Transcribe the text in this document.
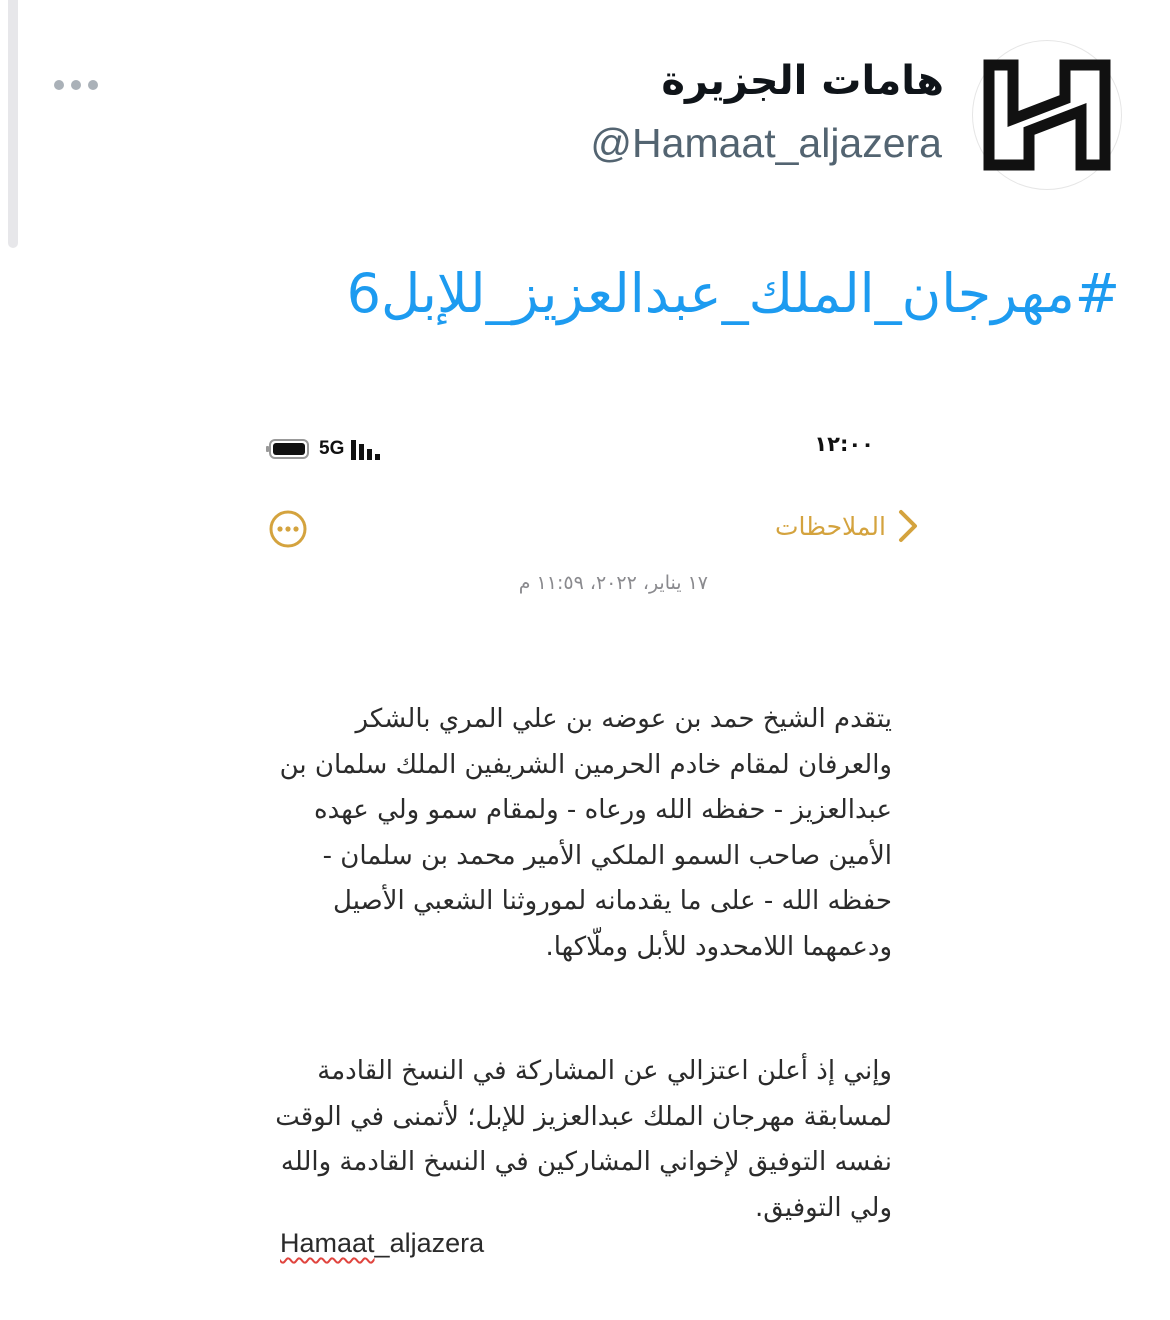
هامات الجزيرة
@Hamaat_aljazera
#مهرجان_الملك_عبدالعزيز_للإبل6
5G	١٢:٠٠
الملاحظات
١٧ يناير، ٢٠٢٢، ١١:٥٩ م

يتقدم الشيخ حمد بن عوضه بن علي المري بالشكر والعرفان لمقام خادم الحرمين الشريفين الملك سلمان بن عبدالعزيز - حفظه الله ورعاه - ولمقام سمو ولي عهده الأمين صاحب السمو الملكي الأمير محمد بن سلمان - حفظه الله - على ما يقدمانه لموروثنا الشعبي الأصيل ودعمهما اللامحدود للأبل وملّاكها.

وإني إذ أعلن اعتزالي عن المشاركة في النسخ القادمة لمسابقة مهرجان الملك عبدالعزيز للإبل؛ لأتمنى في الوقت نفسه التوفيق لإخواني المشاركين في النسخ القادمة والله ولي التوفيق.

Hamaat_aljazera
